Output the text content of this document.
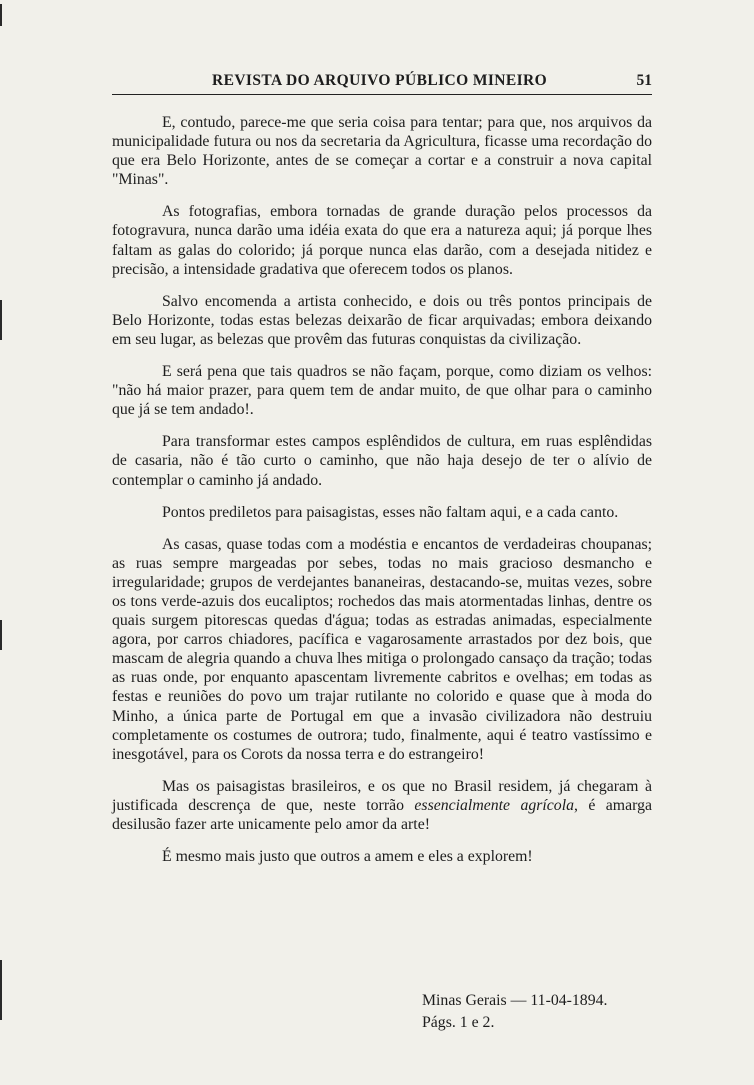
REVISTA DO ARQUIVO PÚBLICO MINEIRO	51

E, contudo, parece-me que seria coisa para tentar; para que, nos arquivos da municipalidade futura ou nos da secretaria da Agricultura, ficasse uma recordação do que era Belo Horizonte, antes de se começar a cortar e a construir a nova capital "Minas".

As fotografias, embora tornadas de grande duração pelos processos da fotogravura, nunca darão uma idéia exata do que era a natureza aqui; já porque lhes faltam as galas do colorido; já porque nunca elas darão, com a desejada nitidez e precisão, a intensidade gradativa que oferecem todos os planos.

Salvo encomenda a artista conhecido, e dois ou três pontos principais de Belo Horizonte, todas estas belezas deixarão de ficar arquivadas; embora deixando em seu lugar, as belezas que provêm das futuras conquistas da civilização.

E será pena que tais quadros se não façam, porque, como diziam os velhos: "não há maior prazer, para quem tem de andar muito, de que olhar para o caminho que já se tem andado!.

Para transformar estes campos esplêndidos de cultura, em ruas esplêndidas de casaria, não é tão curto o caminho, que não haja desejo de ter o alívio de contemplar o caminho já andado.

Pontos prediletos para paisagistas, esses não faltam aqui, e a cada canto.

As casas, quase todas com a modéstia e encantos de verdadeiras choupanas; as ruas sempre margeadas por sebes, todas no mais gracioso desmancho e irregularidade; grupos de verdejantes bananeiras, destacando-se, muitas vezes, sobre os tons verde-azuis dos eucaliptos; rochedos das mais atormentadas linhas, dentre os quais surgem pitorescas quedas d'água; todas as estradas animadas, especialmente agora, por carros chiadores, pacífica e vagarosamente arrastados por dez bois, que mascam de alegria quando a chuva lhes mitiga o prolongado cansaço da tração; todas as ruas onde, por enquanto apascentam livremente cabritos e ovelhas; em todas as festas e reuniões do povo um trajar rutilante no colorido e quase que à moda do Minho, a única parte de Portugal em que a invasão civilizadora não destruiu completamente os costumes de outrora; tudo, finalmente, aqui é teatro vastíssimo e inesgotável, para os Corots da nossa terra e do estrangeiro!

Mas os paisagistas brasileiros, e os que no Brasil residem, já chegaram à justificada descrença de que, neste torrão essencialmente agrícola, é amarga desilusão fazer arte unicamente pelo amor da arte!

É mesmo mais justo que outros a amem e eles a explorem!

Minas Gerais — 11-04-1894.
Págs. 1 e 2.
